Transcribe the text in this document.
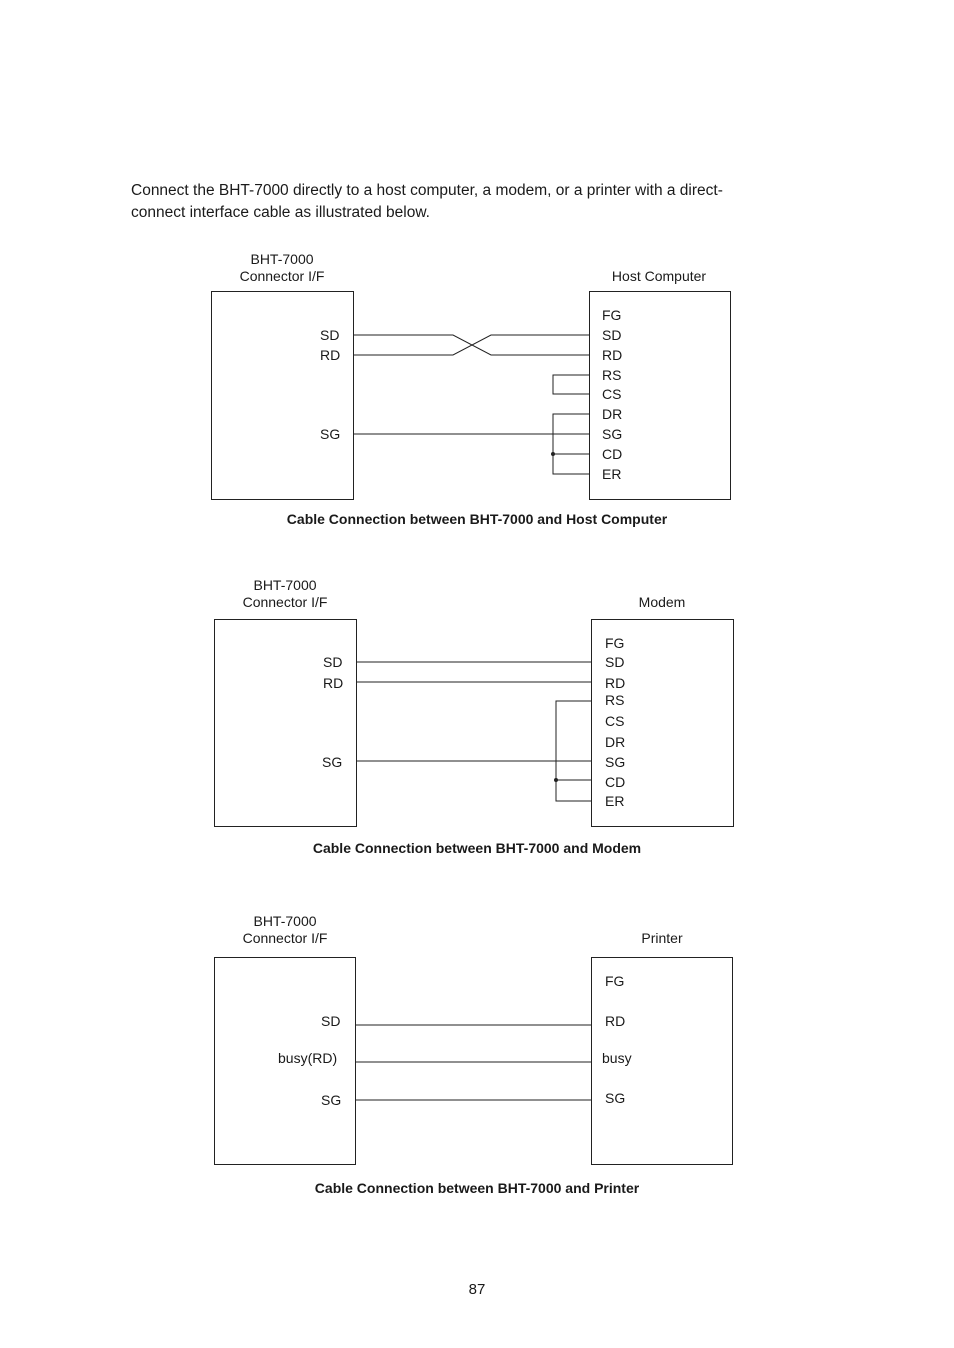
Connect the BHT-7000 directly to a host computer, a modem, or a printer with a direct-
connect interface cable as illustrated below.

BHT-7000
Connector I/F	Host Computer
SD
RD
SG
FG
SD
RD
RS
CS
DR
SG
CD
ER
Cable Connection between BHT-7000 and Host Computer
BHT-7000
Connector I/F	Modem
SD
RD
SG
FG
SD
RD
RS
CS
DR
SG
CD
ER
Cable Connection between BHT-7000 and Modem
BHT-7000
Connector I/F	Printer
SD
busy(RD)
SG
FG
RD
busy
SG
Cable Connection between BHT-7000 and Printer
87
